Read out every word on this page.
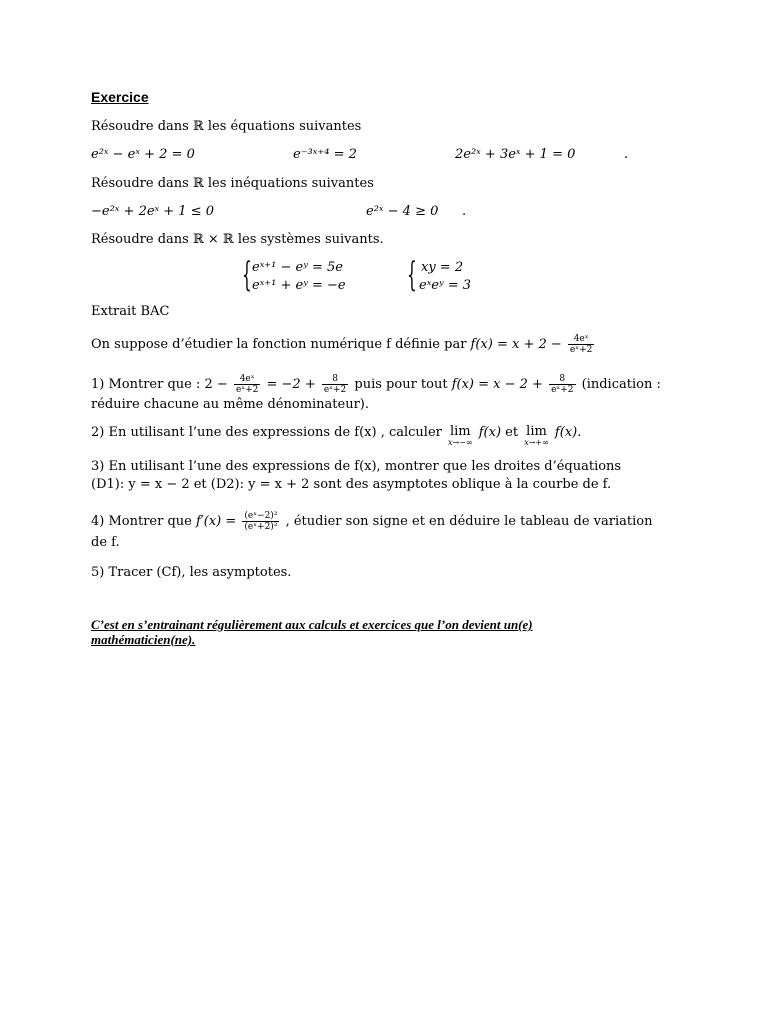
Exercice
Résoudre dans ℝ les équations suivantes
e²ˣ − eˣ + 2 = 0	e⁻³ˣ⁺⁴ = 2	2e²ˣ + 3eˣ + 1 = 0	.
Résoudre dans ℝ les inéquations suivantes
−e²ˣ + 2eˣ + 1 ≤ 0	e²ˣ − 4 ≥ 0 .
Résoudre dans ℝ × ℝ les systèmes suivants.
{ eˣ⁺¹ − eʸ = 5e
eˣ⁺¹ + eʸ = −e { xy = 2
eˣeʸ = 3
Extrait BAC
On suppose d’étudier la fonction numérique f définie par $f(x) = x + 2 - \frac{\text{4eˣ}}{\text{eˣ+2}}$
1) Montrer que : $2 - \frac{\text{4eˣ}}{\text{eˣ+2}} = -2 + \frac{8}{\text{eˣ+2}}$ puis pour tout $f(x) = x - 2 + \frac{8}{\text{eˣ+2}}$ (indication :
réduire chacune au même dénominateur).
2) En utilisant l’une des expressions de f(x) , calculer lim
x→−∞
f(x) et lim
x→+∞
f(x).
3) En utilisant l’une des expressions de f(x), montrer que les droites d’équations
(D1): y = x − 2 et (D2): y = x + 2 sont des asymptotes oblique à la courbe de f.
4) Montrer que $f'(x) = \frac{\text{(eˣ−2)²}}{\text{(eˣ+2)²}}$ , étudier son signe et en déduire le tableau de variation
de f.
5) Tracer (Cf), les asymptotes.
C’est en s’entrainant régulièrement aux calculs et exercices que l’on devient un(e) mathématicien(ne).
